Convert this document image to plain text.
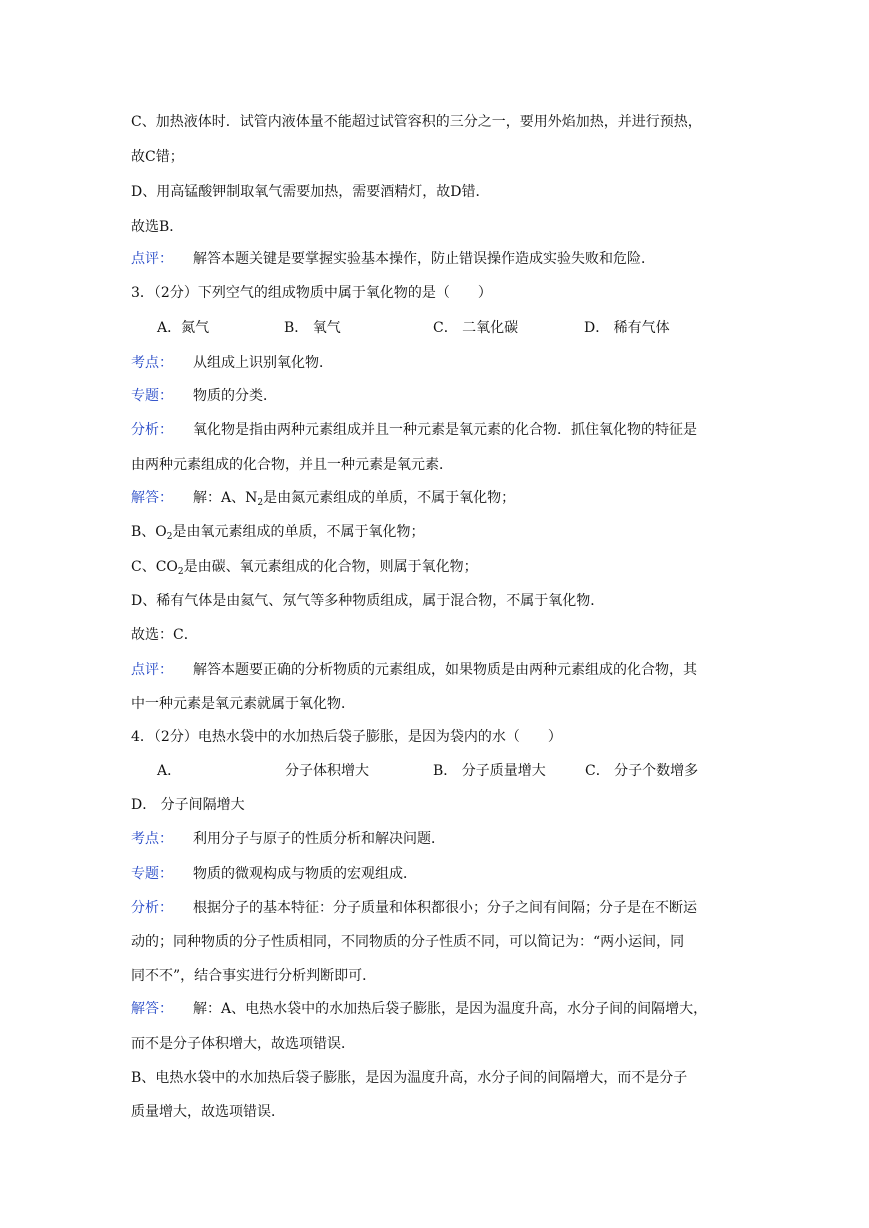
C、加热液体时．试管内液体量不能超过试管容积的三分之一，要用外焰加热，并进行预热，
故C错；
D、用高锰酸钾制取氧气需要加热，需要酒精灯，故D错．
故选B．
点评： 解答本题关键是要掌握实验基本操作，防止错误操作造成实验失败和危险．
3．（2分）下列空气的组成物质中属于氧化物的是（　　）
A．氮气	B． 氧气	C． 二氧化碳	D． 稀有气体
考点： 从组成上识别氧化物．
专题： 物质的分类．
分析： 氧化物是指由两种元素组成并且一种元素是氧元素的化合物．抓住氧化物的特征是
由两种元素组成的化合物，并且一种元素是氧元素．
解答： 解：A、$N_2$是由氮元素组成的单质，不属于氧化物；
B、$O_2$是由氧元素组成的单质，不属于氧化物；
C、$CO_2$是由碳、氧元素组成的化合物，则属于氧化物；
D、稀有气体是由氦气、氖气等多种物质组成，属于混合物，不属于氧化物．
故选：C．
点评： 解答本题要正确的分析物质的元素组成，如果物质是由两种元素组成的化合物，其
中一种元素是氧元素就属于氧化物．
4．（2分）电热水袋中的水加热后袋子膨胀，是因为袋内的水（　　）
A．	分子体积增大	B． 分子质量增大	C． 分子个数增多
D． 分子间隔增大
考点： 利用分子与原子的性质分析和解决问题．
专题： 物质的微观构成与物质的宏观组成．
分析： 根据分子的基本特征：分子质量和体积都很小；分子之间有间隔；分子是在不断运
动的；同种物质的分子性质相同，不同物质的分子性质不同，可以简记为：“两小运间，同
同不不”，结合事实进行分析判断即可．
解答： 解：A、电热水袋中的水加热后袋子膨胀，是因为温度升高，水分子间的间隔增大，
而不是分子体积增大，故选项错误．
B、电热水袋中的水加热后袋子膨胀，是因为温度升高，水分子间的间隔增大，而不是分子
质量增大，故选项错误．
